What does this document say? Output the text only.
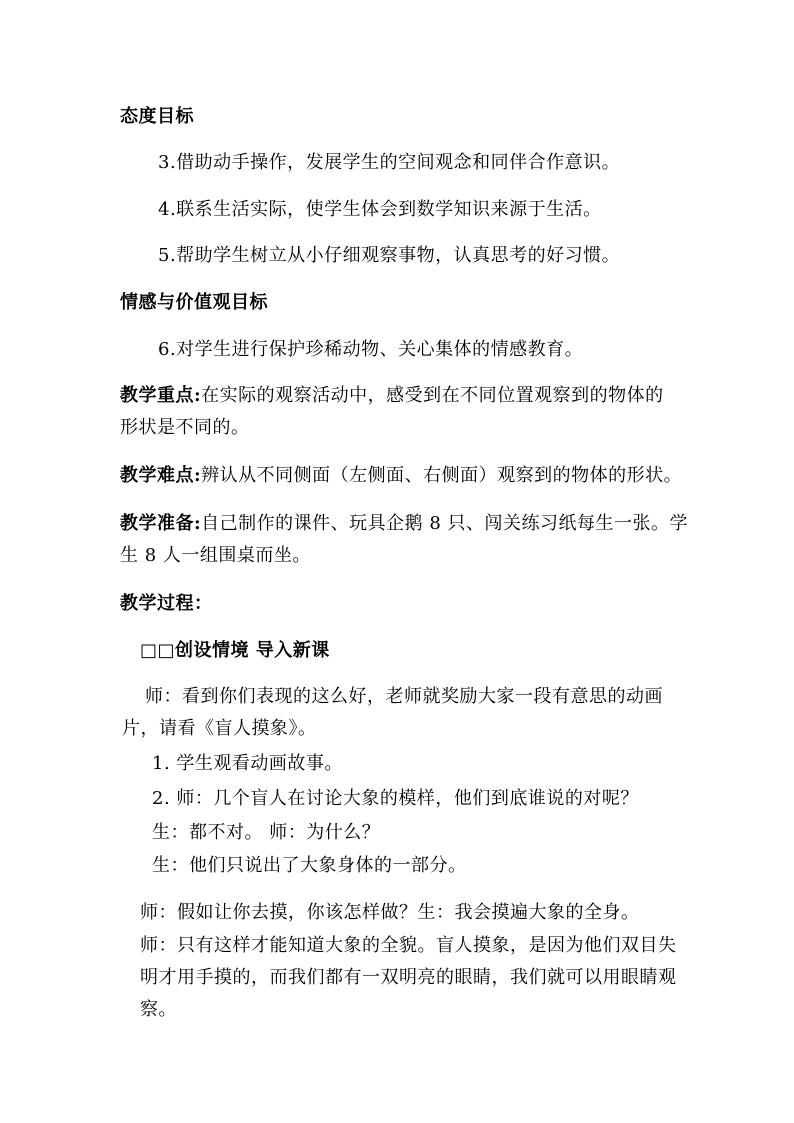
态度目标
3.借助动手操作，发展学生的空间观念和同伴合作意识。
4.联系生活实际，使学生体会到数学知识来源于生活。
5.帮助学生树立从小仔细观察事物，认真思考的好习惯。
情感与价值观目标
6.对学生进行保护珍稀动物、关心集体的情感教育。
教学重点:在实际的观察活动中，感受到在不同位置观察到的物体的
形状是不同的。
教学难点:辨认从不同侧面（左侧面、右侧面）观察到的物体的形状。
教学准备:自己制作的课件、玩具企鹅 8 只、闯关练习纸每生一张。学
生 8 人一组围桌而坐。
教学过程：
□□创设情境 导入新课
师：看到你们表现的这么好，老师就奖励大家一段有意思的动画
片，请看《盲人摸象》。
1. 学生观看动画故事。
2. 师：几个盲人在讨论大象的模样，他们到底谁说的对呢？
生：都不对。 师：为什么？
生：他们只说出了大象身体的一部分。
师：假如让你去摸，你该怎样做？生：我会摸遍大象的全身。
师：只有这样才能知道大象的全貌。盲人摸象，是因为他们双目失
明才用手摸的，而我们都有一双明亮的眼睛，我们就可以用眼睛观
察。
